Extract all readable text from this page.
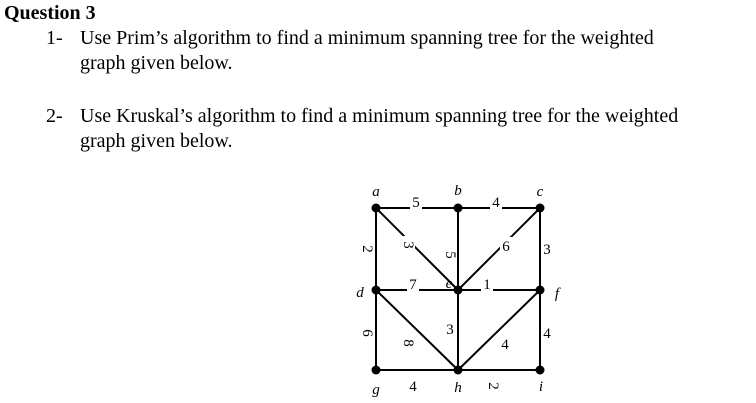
Question 3
1- Use Prim’s algorithm to find a minimum spanning tree for the weighted
graph given below.
2- Use Kruskal’s algorithm to find a minimum spanning tree for the weighted
graph given below.
5	4
2
3
5	6 3
7	1
6
8
3
4
4
4	2
a	b	c
d
e
f
g	h	i
